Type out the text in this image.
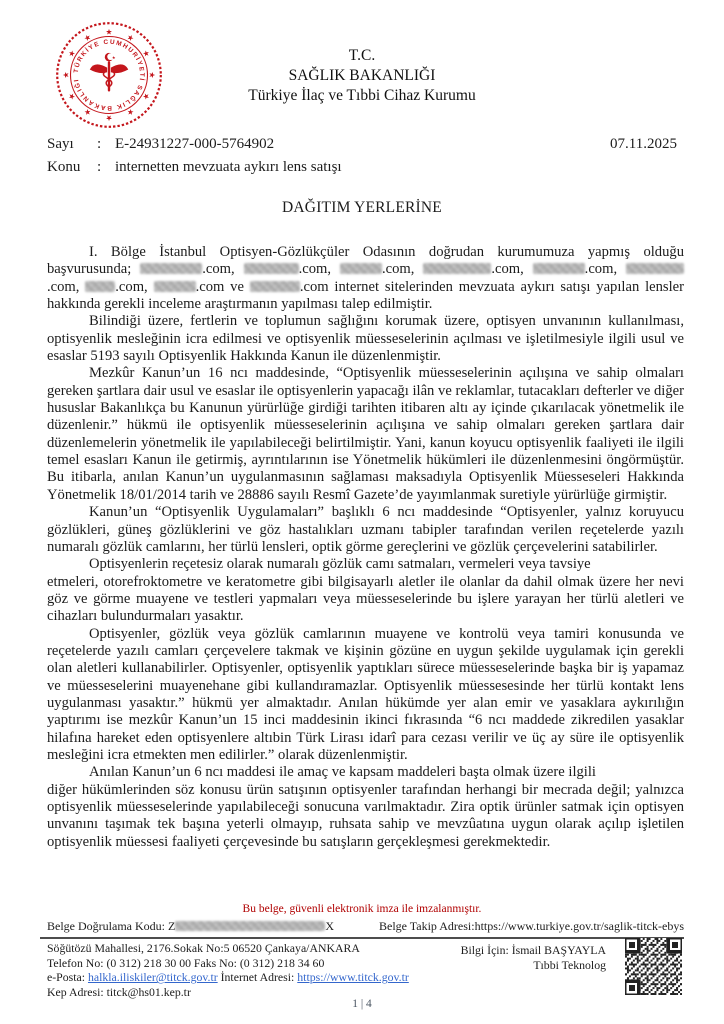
★
★
★
★
★
★
★
★
★
★
★
★
TÜRKİYE CUMHURİYETİ SAĞLIK BAKANLIĞI
★	T.C.
SAĞLIK BAKANLIĞI
Türkiye İlaç ve Tıbbi Cihaz Kurumu
Sayı	: E-24931227-000-5764902	07.11.2025
Konu	: internetten mevzuata aykırı lens satışı
DAĞITIM YERLERİNE

I. Bölge İstanbul Optisyen-Gözlükçüler Odasının doğrudan kurumumuza yapmış olduğu başvurusunda;	.com,	.com,	.com,	.com,	.com, .com, .com,	.com ve	.com internet sitelerinden mevzuata aykırı satışı yapılan lensler hakkında gerekli inceleme araştırmanın yapılması talep edilmiştir.

Bilindiği üzere, fertlerin ve toplumun sağlığını korumak üzere, optisyen unvanının kullanılması, optisyenlik mesleğinin icra edilmesi ve optisyenlik müesseselerinin açılması ve işletilmesiyle ilgili usul ve esaslar 5193 sayılı Optisyenlik Hakkında Kanun ile düzenlenmiştir.

Mezkûr Kanun’un 16 ncı maddesinde, “Optisyenlik müesseselerinin açılışına ve sahip olmaları gereken şartlara dair usul ve esaslar ile optisyenlerin yapacağı ilân ve reklamlar, tutacakları defterler ve diğer hususlar Bakanlıkça bu Kanunun yürürlüğe girdiği tarihten itibaren altı ay içinde çıkarılacak yönetmelik ile düzenlenir.” hükmü ile optisyenlik müesseselerinin açılışına ve sahip olmaları gereken şartlara dair düzenlemelerin yönetmelik ile yapılabileceği belirtilmiştir. Yani, kanun koyucu optisyenlik faaliyeti ile ilgili temel esasları Kanun ile getirmiş, ayrıntılarının ise Yönetmelik hükümleri ile düzenlenmesini öngörmüştür. Bu itibarla, anılan Kanun’un uygulanmasının sağlaması maksadıyla Optisyenlik Müesseseleri Hakkında Yönetmelik 18/01/2014 tarih ve 28886 sayılı Resmî Gazete’de yayımlanmak suretiyle yürürlüğe girmiştir.

Kanun’un “Optisyenlik Uygulamaları” başlıklı 6 ncı maddesinde “Optisyenler, yalnız koruyucu gözlükleri, güneş gözlüklerini ve göz hastalıkları uzmanı tabipler tarafından verilen reçetelerde yazılı numaralı gözlük camlarını, her türlü lensleri, optik görme gereçlerini ve gözlük çerçevelerini satabilirler.

Optisyenlerin reçetesiz olarak numaralı gözlük camı satmaları, vermeleri veya tavsiye
etmeleri, otorefroktometre ve keratometre gibi bilgisayarlı aletler ile olanlar da dahil olmak üzere her nevi göz ve görme muayene ve testleri yapmaları veya müesseselerinde bu işlere yarayan her türlü aletleri ve cihazları bulundurmaları yasaktır.

Optisyenler, gözlük veya gözlük camlarının muayene ve kontrolü veya tamiri konusunda ve reçetelerde yazılı camları çerçevelere takmak ve kişinin gözüne en uygun şekilde uygulamak için gerekli olan aletleri kullanabilirler. Optisyenler, optisyenlik yaptıkları sürece müesseselerinde başka bir iş yapamaz ve müesseselerini muayenehane gibi kullandıramazlar. Optisyenlik müessesesinde her türlü kontakt lens uygulanması yasaktır.” hükmü yer almaktadır. Anılan hükümde yer alan emir ve yasaklara aykırılığın yaptırımı ise mezkûr Kanun’un 15 inci maddesinin ikinci fıkrasında “6 ncı maddede zikredilen yasaklar hilafına hareket eden optisyenlere altıbin Türk Lirası idarî para cezası verilir ve üç ay süre ile optisyenlik mesleğini icra etmekten men edilirler.” olarak düzenlenmiştir.

Anılan Kanun’un 6 ncı maddesi ile amaç ve kapsam maddeleri başta olmak üzere ilgili
diğer hükümlerinden söz konusu ürün satışının optisyenler tarafından herhangi bir mecrada değil; yalnızca optisyenlik müesseselerinde yapılabileceği sonucuna varılmaktadır. Zira optik ürünler satmak için optisyen unvanını taşımak tek başına yeterli olmayıp, ruhsata sahip ve mevzûatına uygun olarak açılıp işletilen optisyenlik müessesi faaliyeti çerçevesinde bu satışların gerçekleşmesi gerekmektedir.

Bu belge, güvenli elektronik imza ile imzalanmıştır.
Belge Doğrulama Kodu: Z	X	Belge Takip Adresi:https://www.turkiye.gov.tr/saglik-titck-ebys
Söğütözü Mahallesi, 2176.Sokak No:5 06520 Çankaya/ANKARA
Telefon No: (0 312) 218 30 00 Faks No: (0 312) 218 34 60
e-Posta: halkla.iliskiler@titck.gov.tr İnternet Adresi: https://www.titck.gov.tr
Kep Adresi: titck@hs01.kep.tr
Bilgi İçin: İsmail BAŞYAYLA
Tıbbi Teknolog
1 | 4
